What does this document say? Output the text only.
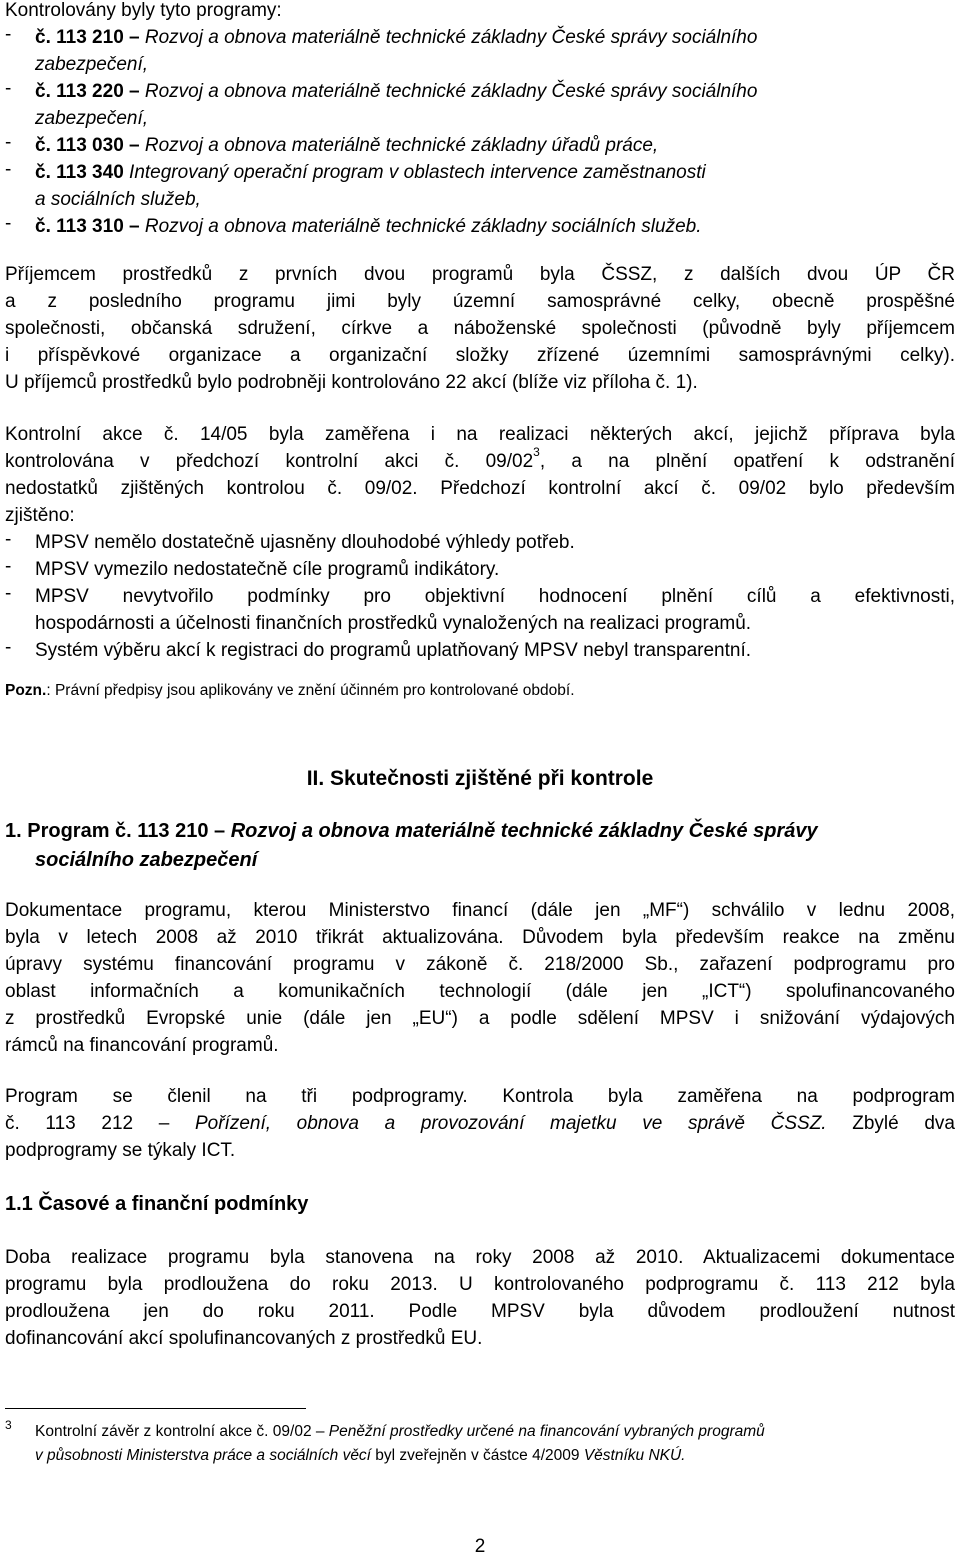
Kontrolovány byly tyto programy:
- č. 113 210 – Rozvoj a obnova materiálně technické základny České správy sociálního
zabezpečení,
- č. 113 220 – Rozvoj a obnova materiálně technické základny České správy sociálního
zabezpečení,
- č. 113 030 – Rozvoj a obnova materiálně technické základny úřadů práce,
- č. 113 340 Integrovaný operační program v oblastech intervence zaměstnanosti
a sociálních služeb,
- č. 113 310 – Rozvoj a obnova materiálně technické základny sociálních služeb.
Příjemcem prostředků z prvních dvou programů byla ČSSZ, z dalších dvou ÚP ČR
a z posledního programu jimi byly územní samosprávné celky, obecně prospěšné
společnosti, občanská sdružení, církve a náboženské společnosti (původně byly příjemcem
i příspěvkové organizace a organizační složky zřízené územními samosprávnými celky).
U příjemců prostředků bylo podrobněji kontrolováno 22 akcí (blíže viz příloha č. 1).
Kontrolní akce č. 14/05 byla zaměřena i na realizaci některých akcí, jejichž příprava byla
kontrolována v předchozí kontrolní akci č. $09/02^3$, a na plnění opatření k odstranění
nedostatků zjištěných kontrolou č. 09/02. Předchozí kontrolní akcí č. 09/02 bylo především
zjištěno:
- MPSV nemělo dostatečně ujasněny dlouhodobé výhledy potřeb.
- MPSV vymezilo nedostatečně cíle programů indikátory.
- MPSV nevytvořilo podmínky pro objektivní hodnocení plnění cílů a efektivnosti,
hospodárnosti a účelnosti finančních prostředků vynaložených na realizaci programů.
- Systém výběru akcí k registraci do programů uplatňovaný MPSV nebyl transparentní.
Pozn.: Právní předpisy jsou aplikovány ve znění účinném pro kontrolované období.
II. Skutečnosti zjištěné při kontrole
1. Program č. 113 210 – Rozvoj a obnova materiálně technické základny České správy
sociálního zabezpečení
Dokumentace programu, kterou Ministerstvo financí (dále jen „MF“) schválilo v lednu 2008,
byla v letech 2008 až 2010 třikrát aktualizována. Důvodem byla především reakce na změnu
úpravy systému financování programu v zákoně č. 218/2000 Sb., zařazení podprogramu pro
oblast informačních a komunikačních technologií (dále jen „ICT“) spolufinancovaného
z prostředků Evropské unie (dále jen „EU“) a podle sdělení MPSV i snižování výdajových
rámců na financování programů.
Program se členil na tři podprogramy. Kontrola byla zaměřena na podprogram
č. 113 212 – Pořízení, obnova a provozování majetku ve správě ČSSZ. Zbylé dva
podprogramy se týkaly ICT.
1.1 Časové a finanční podmínky
Doba realizace programu byla stanovena na roky 2008 až 2010. Aktualizacemi dokumentace
programu byla prodloužena do roku 2013. U kontrolovaného podprogramu č. 113 212 byla
prodloužena jen do roku 2011. Podle MPSV byla důvodem prodloužení nutnost
dofinancování akcí spolufinancovaných z prostředků EU.
3 Kontrolní závěr z kontrolní akce č. 09/02 – Peněžní prostředky určené na financování vybraných programů
v působnosti Ministerstva práce a sociálních věcí byl zveřejněn v částce 4/2009 Věstníku NKÚ.
2
